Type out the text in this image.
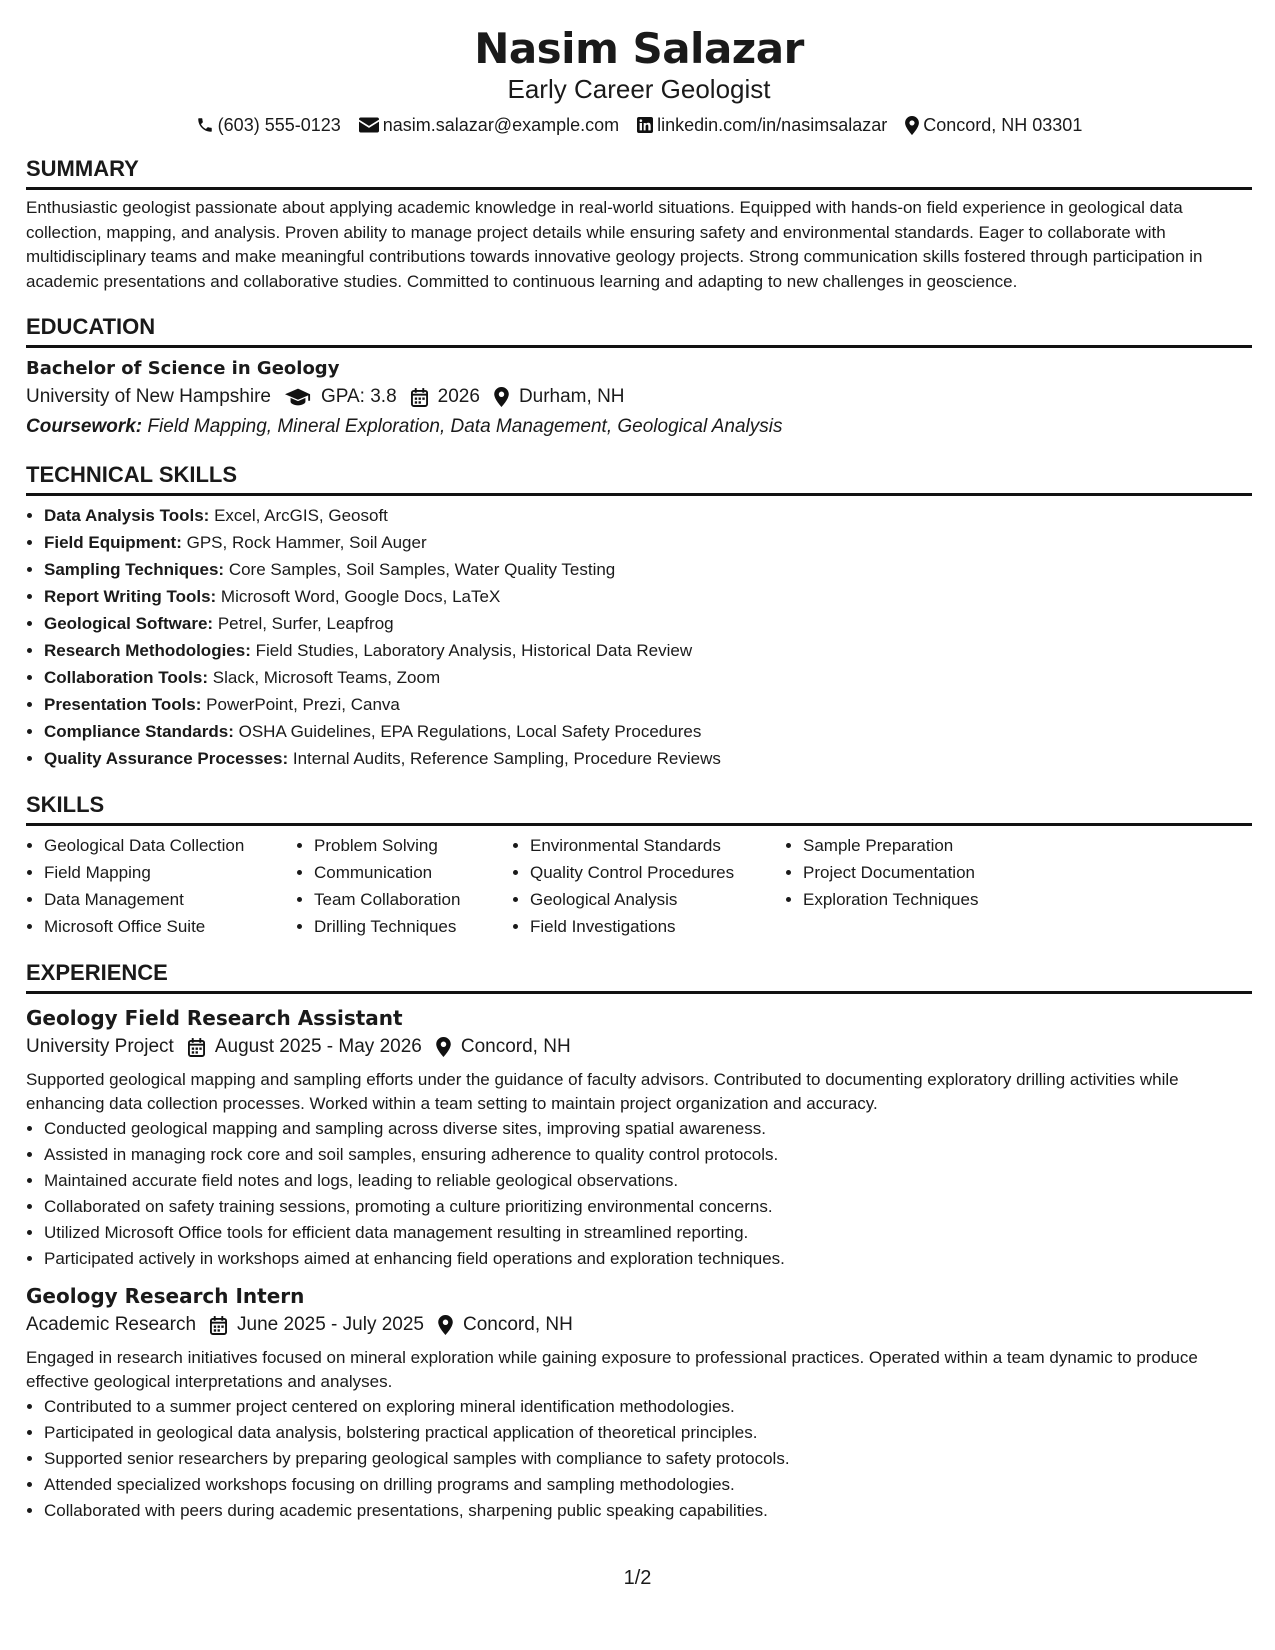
Nasim Salazar
Early Career Geologist
(603) 555-0123 nasim.salazar@example.com linkedin.com/in/nasimsalazar Concord, NH 03301
SUMMARY
Enthusiastic geologist passionate about applying academic knowledge in real-world situations. Equipped with hands-on field experience in geological data collection, mapping, and analysis. Proven ability to manage project details while ensuring safety and environmental standards. Eager to collaborate with multidisciplinary teams and make meaningful contributions towards innovative geology projects. Strong communication skills fostered through participation in academic presentations and collaborative studies. Committed to continuous learning and adapting to new challenges in geoscience.
EDUCATION
Bachelor of Science in Geology
University of New Hampshire	GPA: 3.8 2026 Durham, NH
Coursework: Field Mapping, Mineral Exploration, Data Management, Geological Analysis
TECHNICAL SKILLS
• Data Analysis Tools: Excel, ArcGIS, Geosoft
• Field Equipment: GPS, Rock Hammer, Soil Auger
• Sampling Techniques: Core Samples, Soil Samples, Water Quality Testing
• Report Writing Tools: Microsoft Word, Google Docs, LaTeX
• Geological Software: Petrel, Surfer, Leapfrog
• Research Methodologies: Field Studies, Laboratory Analysis, Historical Data Review
• Collaboration Tools: Slack, Microsoft Teams, Zoom
• Presentation Tools: PowerPoint, Prezi, Canva
• Compliance Standards: OSHA Guidelines, EPA Regulations, Local Safety Procedures
• Quality Assurance Processes: Internal Audits, Reference Sampling, Procedure Reviews
SKILLS
• Geological Data Collection
• Field Mapping
• Data Management
• Microsoft Office Suite
• Problem Solving
• Communication
• Team Collaboration
• Drilling Techniques
• Environmental Standards
• Quality Control Procedures
• Geological Analysis
• Field Investigations
• Sample Preparation
• Project Documentation
• Exploration Techniques
EXPERIENCE
Geology Field Research Assistant
University Project August 2025 - May 2026 Concord, NH
Supported geological mapping and sampling efforts under the guidance of faculty advisors. Contributed to documenting exploratory drilling activities while enhancing data collection processes. Worked within a team setting to maintain project organization and accuracy.
• Conducted geological mapping and sampling across diverse sites, improving spatial awareness.
• Assisted in managing rock core and soil samples, ensuring adherence to quality control protocols.
• Maintained accurate field notes and logs, leading to reliable geological observations.
• Collaborated on safety training sessions, promoting a culture prioritizing environmental concerns.
• Utilized Microsoft Office tools for efficient data management resulting in streamlined reporting.
• Participated actively in workshops aimed at enhancing field operations and exploration techniques.
Geology Research Intern
Academic Research June 2025 - July 2025 Concord, NH
Engaged in research initiatives focused on mineral exploration while gaining exposure to professional practices. Operated within a team dynamic to produce effective geological interpretations and analyses.
• Contributed to a summer project centered on exploring mineral identification methodologies.
• Participated in geological data analysis, bolstering practical application of theoretical principles.
• Supported senior researchers by preparing geological samples with compliance to safety protocols.
• Attended specialized workshops focusing on drilling programs and sampling methodologies.
• Collaborated with peers during academic presentations, sharpening public speaking capabilities.
1/2
